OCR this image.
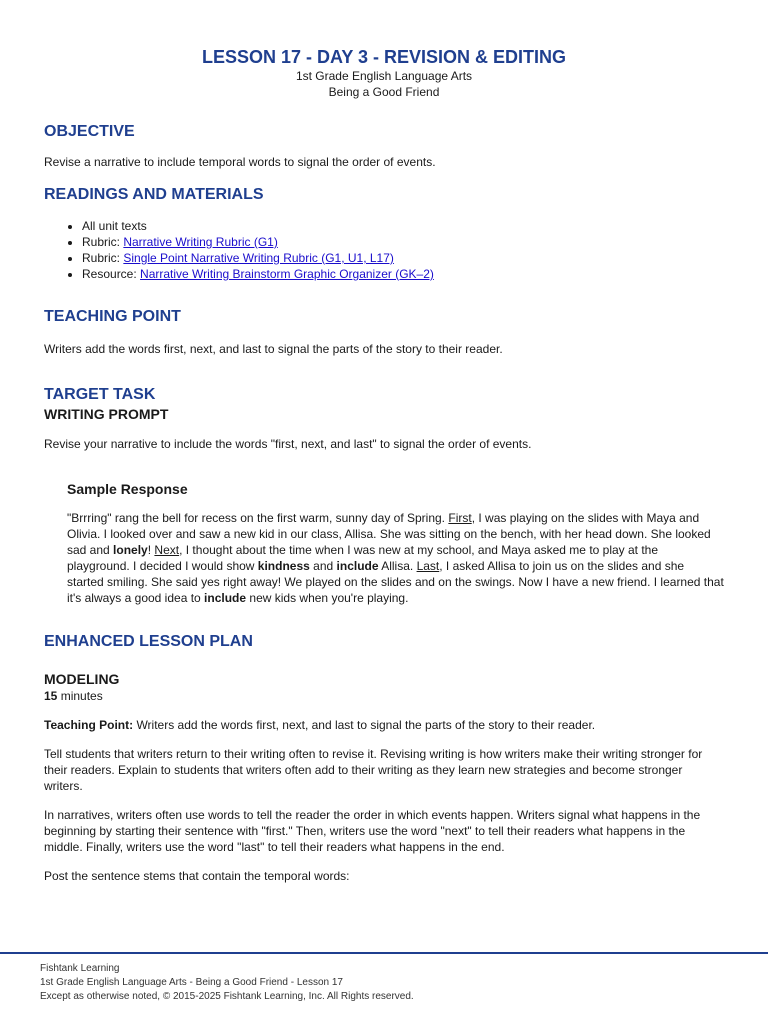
LESSON 17 - DAY 3 - REVISION & EDITING

1st Grade English Language Arts

Being a Good Friend

OBJECTIVE

Revise a narrative to include temporal words to signal the order of events.

READINGS AND MATERIALS
• All unit texts
• Rubric: Narrative Writing Rubric (G1)
• Rubric: Single Point Narrative Writing Rubric (G1, U1, L17)
• Resource: Narrative Writing Brainstorm Graphic Organizer (GK–2)
TEACHING POINT

Writers add the words first, next, and last to signal the parts of the story to their reader.

TARGET TASK
WRITING PROMPT

Revise your narrative to include the words "first, next, and last" to signal the order of events.

Sample Response

"Brrring" rang the bell for recess on the first warm, sunny day of Spring. First, I was playing on the slides with Maya and Olivia. I looked over and saw a new kid in our class, Allisa. She was sitting on the bench, with her head down. She looked sad and lonely! Next, I thought about the time when I was new at my school, and Maya asked me to play at the playground. I decided I would show kindness and include Allisa. Last, I asked Allisa to join us on the slides and she started smiling. She said yes right away! We played on the slides and on the swings. Now I have a new friend. I learned that it's always a good idea to include new kids when you're playing.

ENHANCED LESSON PLAN
MODELING

15 minutes

Teaching Point: Writers add the words first, next, and last to signal the parts of the story to their reader.

Tell students that writers return to their writing often to revise it. Revising writing is how writers make their writing stronger for their readers. Explain to students that writers often add to their writing as they learn new strategies and become stronger writers.

In narratives, writers often use words to tell the reader the order in which events happen. Writers signal what happens in the beginning by starting their sentence with "first." Then, writers use the word "next" to tell their readers what happens in the middle. Finally, writers use the word "last" to tell their readers what happens in the end.

Post the sentence stems that contain the temporal words:

Fishtank Learning
1st Grade English Language Arts - Being a Good Friend - Lesson 17
Except as otherwise noted, © 2015-2025 Fishtank Learning, Inc. All Rights reserved.
